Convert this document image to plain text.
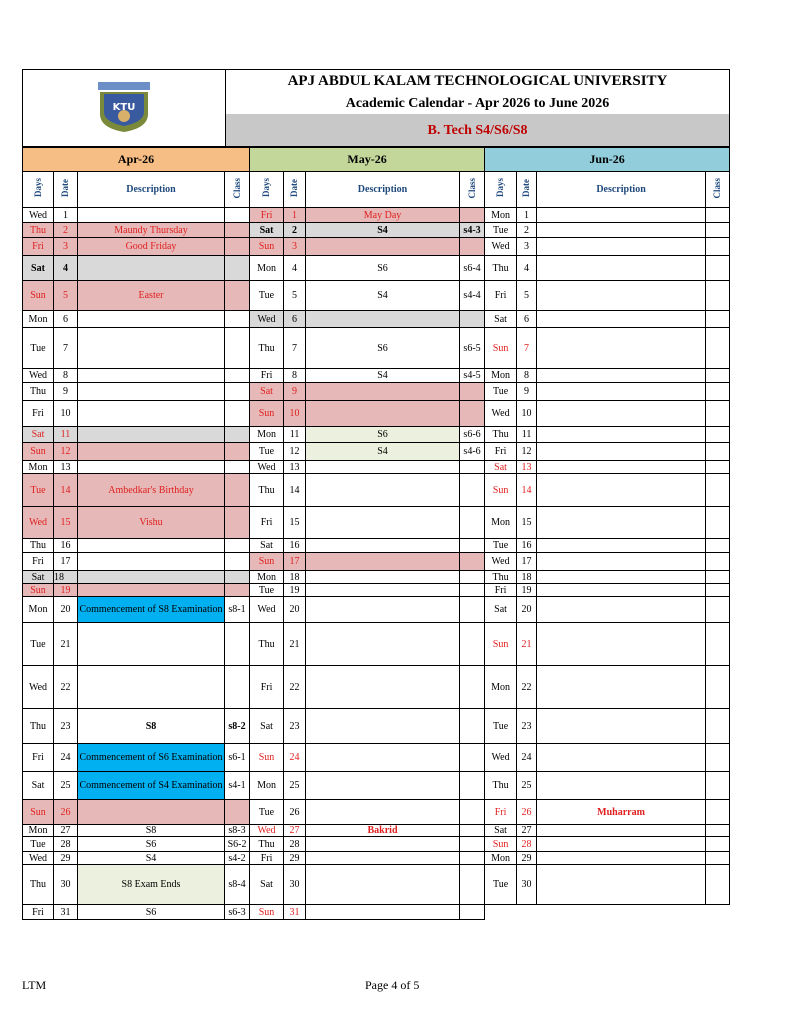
KTU
	APJ ABDUL KALAM TECHNOLOGICAL UNIVERSITY
Academic Calendar - Apr 2026 to June 2026
B. Tech S4/S6/S8
Apr-26				May-26				Jun-26			
Days	Date	Description	Class	Days	Date	Description	Class	Days	Date	Description	Class
Wed	1			Fri	1	May Day		Mon	1		
Thu	2	Maundy Thursday		Sat	2	S4	s4-3	Tue	2		
Fri	3	Good Friday		Sun	3			Wed	3		
Sat	4			Mon	4	S6	s6-4	Thu	4		
Sun	5	Easter		Tue	5	S4	s4-4	Fri	5		
Mon	6			Wed	6			Sat	6		
Tue	7			Thu	7	S6	s6-5	Sun	7		
Wed	8			Fri	8	S4	s4-5	Mon	8		
Thu	9			Sat	9			Tue	9		
Fri	10			Sun	10			Wed	10		
Sat	11			Mon	11	S6	s6-6	Thu	11		
Sun	12			Tue	12	S4	s4-6	Fri	12		
Mon	13			Wed	13			Sat	13		
Tue	14	Ambedkar's Birthday		Thu	14			Sun	14		
Wed	15	Vishu		Fri	15			Mon	15		
Thu	16			Sat	16			Tue	16		
Fri	17			Sun	17			Wed	17		
Sat	18			Mon	18			Thu	18		
Sun	19			Tue	19			Fri	19		
Mon	20	Commencement of S8 Examination	s8-1	Wed	20			Sat	20		
Tue	21			Thu	21			Sun	21		
Wed	22			Fri	22			Mon	22		
Thu	23	S8	s8-2	Sat	23			Tue	23		
Fri	24	Commencement of S6 Examination	s6-1	Sun	24			Wed	24		
Sat	25	Commencement of S4 Examination	s4-1	Mon	25			Thu	25		
Sun	26			Tue	26			Fri	26	Muharram	
Mon	27	S8	s8-3	Wed	27	Bakrid		Sat	27		
Tue	28	S6	S6-2	Thu	28			Sun	28		
Wed	29	S4	s4-2	Fri	29			Mon	29		
Thu	30	S8 Exam Ends	s8-4	Sat	30			Tue	30		
Fri	31	S6	s6-3	Sun	31						
LTM	Page 4 of 5
